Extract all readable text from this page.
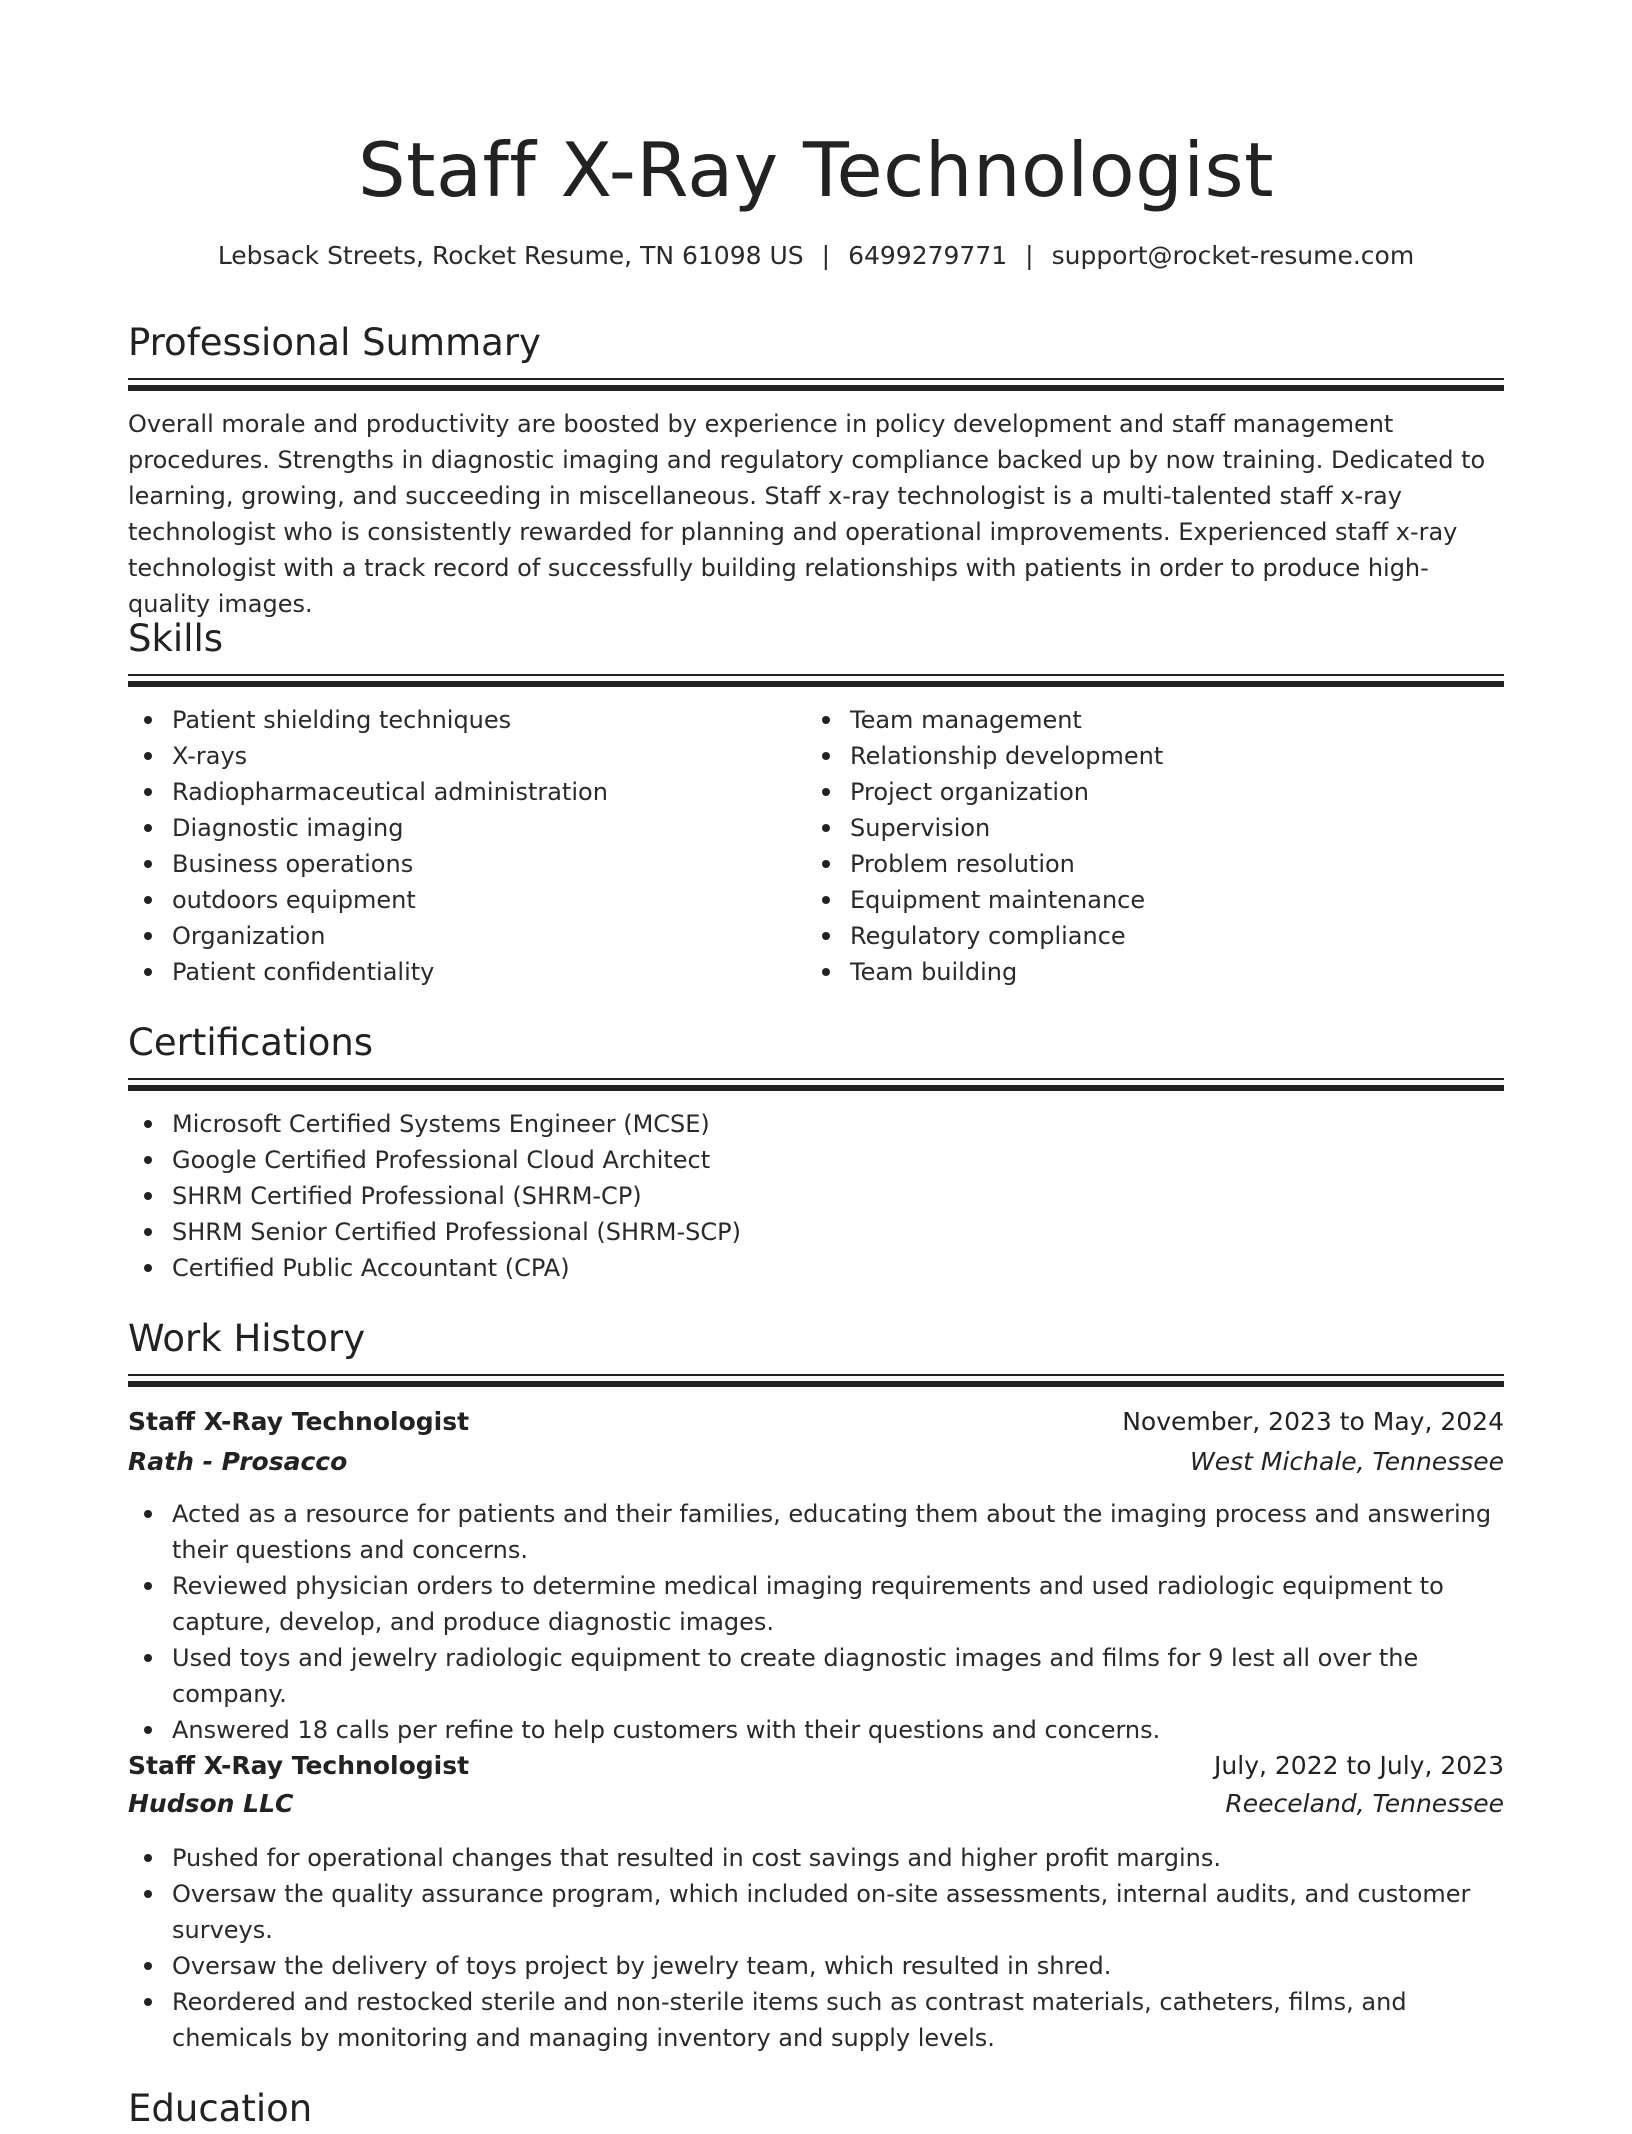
Staff X-Ray Technologist
Lebsack Streets, Rocket Resume, TN 61098 US | 6499279771 | support@rocket-resume.com
Professional Summary

Overall morale and productivity are boosted by experience in policy development and staff management procedures. Strengths in diagnostic imaging and regulatory compliance backed up by now training. Dedicated to learning, growing, and succeeding in miscellaneous. Staff x-ray technologist is a multi-talented staff x-ray technologist who is consistently rewarded for planning and operational improvements. Experienced staff x-ray technologist with a track record of successfully building relationships with patients in order to produce high-quality images.

Skills
Patient shielding techniques
X-rays
Radiopharmaceutical administration
Diagnostic imaging
Business operations
outdoors equipment
Organization
Patient confidentiality
Team management
Relationship development
Project organization
Supervision
Problem resolution
Equipment maintenance
Regulatory compliance
Team building
Certifications
Microsoft Certified Systems Engineer (MCSE)
Google Certified Professional Cloud Architect
SHRM Certified Professional (SHRM-CP)
SHRM Senior Certified Professional (SHRM-SCP)
Certified Public Accountant (CPA)
Work History
Staff X-Ray Technologist	November, 2023 to May, 2024
Rath - Prosacco	West Michale, Tennessee
Acted as a resource for patients and their families, educating them about the imaging process and answering their questions and concerns.
Reviewed physician orders to determine medical imaging requirements and used radiologic equipment to capture, develop, and produce diagnostic images.
Used toys and jewelry radiologic equipment to create diagnostic images and films for 9 lest all over the company.
Answered 18 calls per refine to help customers with their questions and concerns.
Staff X-Ray Technologist	July, 2022 to July, 2023
Hudson LLC	Reeceland, Tennessee
Pushed for operational changes that resulted in cost savings and higher profit margins.
Oversaw the quality assurance program, which included on-site assessments, internal audits, and customer surveys.
Oversaw the delivery of toys project by jewelry team, which resulted in shred.
Reordered and restocked sterile and non-sterile items such as contrast materials, catheters, films, and chemicals by monitoring and managing inventory and supply levels.
Education
